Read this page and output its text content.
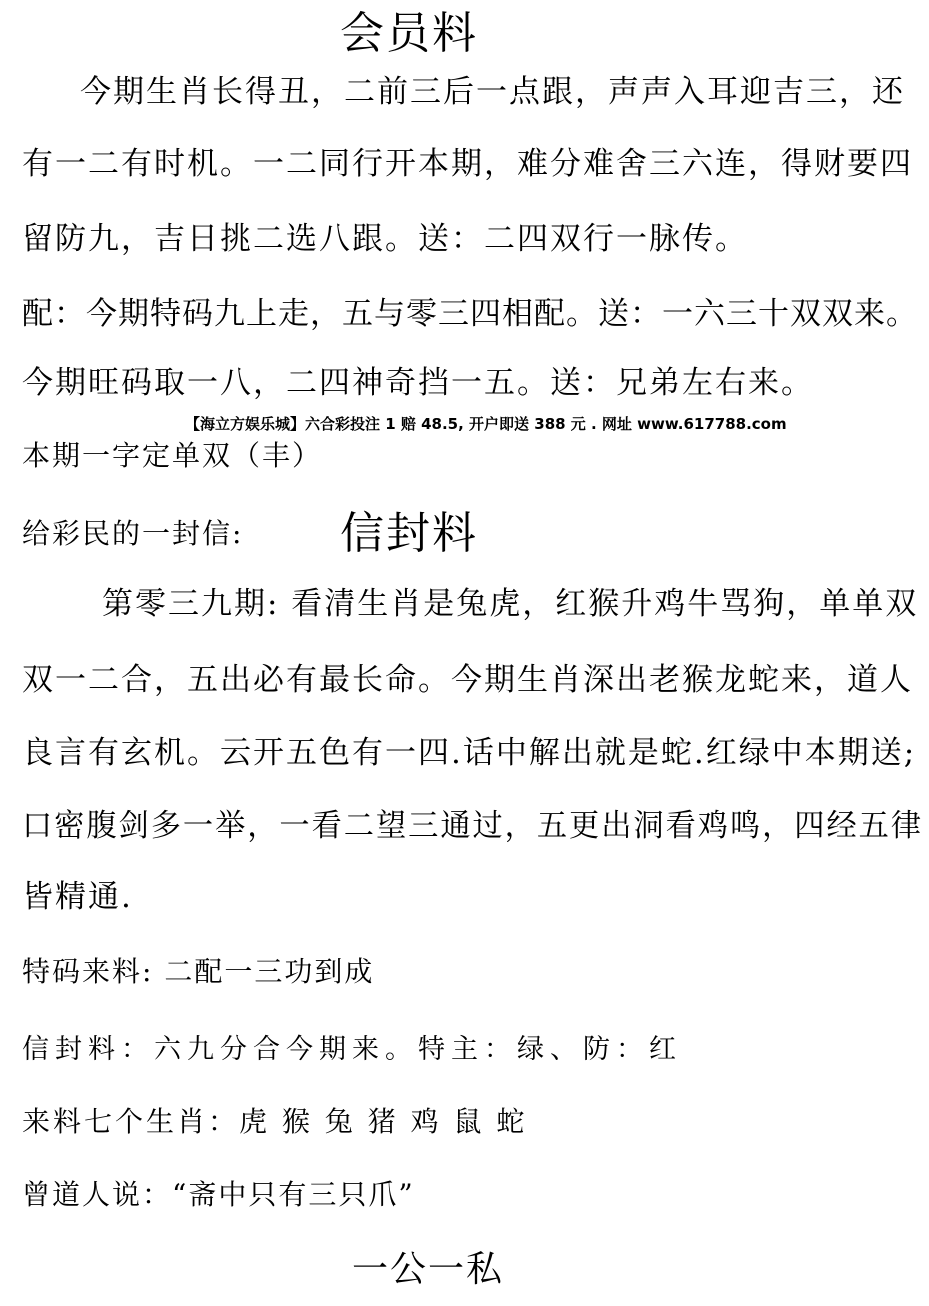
会员料
今期生肖长得丑，二前三后一点跟，声声入耳迎吉三，还
有一二有时机。一二同行开本期，难分难舍三六连，得财要四
留防九，吉日挑二选八跟。送：二四双行一脉传。
配：今期特码九上走，五与零三四相配。送：一六三十双双来。
今期旺码取一八，二四神奇挡一五。送：兄弟左右来。
【海立方娱乐城】六合彩投注 1 赔 48.5, 开户即送 388 元 . 网址 www.617788.com
本期一字定单双（丰）
给彩民的一封信: 信封料
第零三九期: 看清生肖是兔虎，红猴升鸡牛骂狗，单单双
双一二合，五出必有最长命。今期生肖深出老猴龙蛇来，道人
良言有玄机。云开五色有一四.话中解出就是蛇.红绿中本期送;
口密腹剑多一举，一看二望三通过，五更出洞看鸡鸣，四经五律
皆精通.
特码来料: 二配一三功到成
信封料：六九分合今期来。特主：绿、防：红
来料七个生肖：虎 猴 兔 猪 鸡 鼠 蛇
曾道人说：“斋中只有三只爪”
一公一私
